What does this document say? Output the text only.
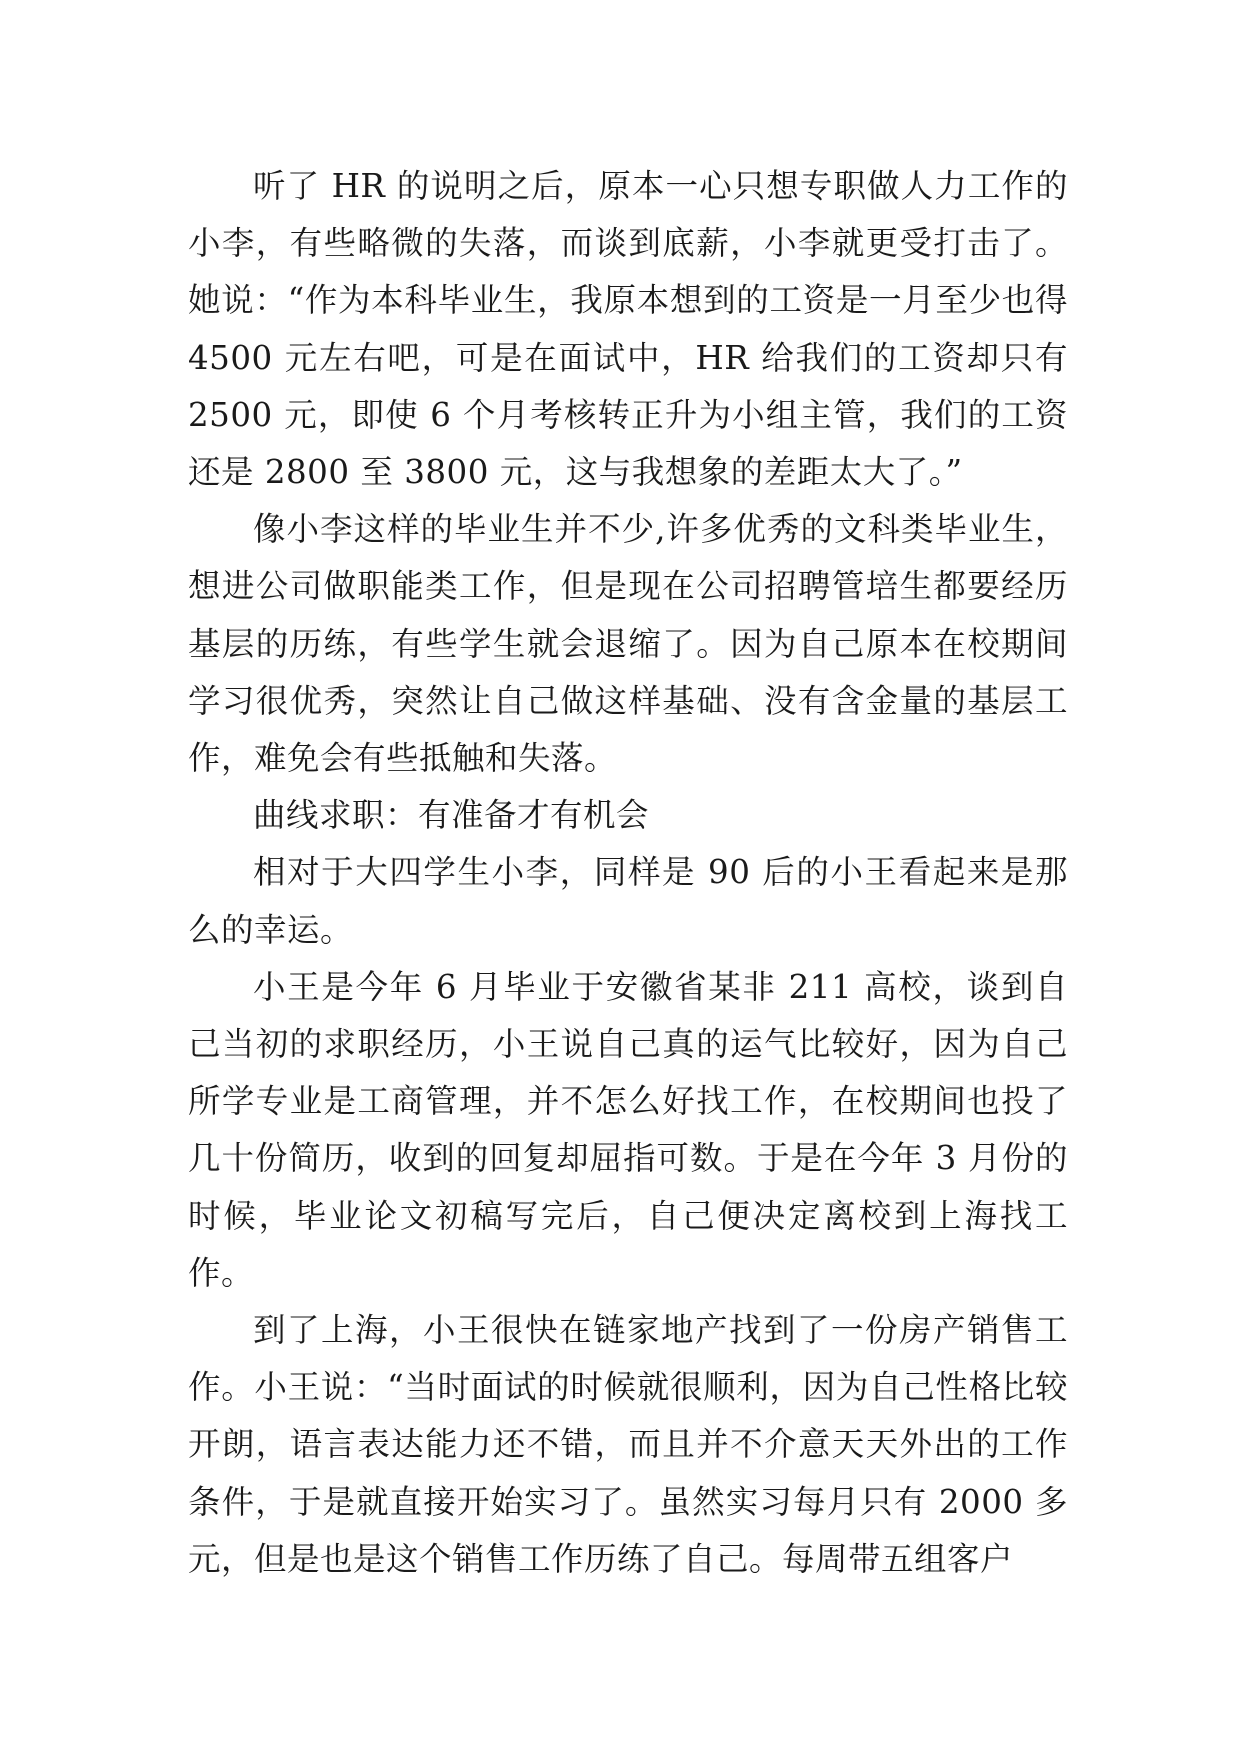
听了 HR 的说明之后，原本一心只想专职做人力工作的小李，有些略微的失落，而谈到底薪，小李就更受打击了。她说：“作为本科毕业生，我原本想到的工资是一月至少也得 4500 元左右吧，可是在面试中，HR 给我们的工资却只有 2500 元，即使 6 个月考核转正升为小组主管，我们的工资还是 2800 至 3800 元，这与我想象的差距太大了。”

像小李这样的毕业生并不少,许多优秀的文科类毕业生，想进公司做职能类工作，但是现在公司招聘管培生都要经历基层的历练，有些学生就会退缩了。因为自己原本在校期间学习很优秀，突然让自己做这样基础、没有含金量的基层工作，难免会有些抵触和失落。

曲线求职：有准备才有机会

相对于大四学生小李，同样是 90 后的小王看起来是那么的幸运。

小王是今年 6 月毕业于安徽省某非 211 高校，谈到自己当初的求职经历，小王说自己真的运气比较好，因为自己所学专业是工商管理，并不怎么好找工作，在校期间也投了几十份简历，收到的回复却屈指可数。于是在今年 3 月份的时候，毕业论文初稿写完后，自己便决定离校到上海找工作。

到了上海，小王很快在链家地产找到了一份房产销售工作。小王说：“当时面试的时候就很顺利，因为自己性格比较开朗，语言表达能力还不错，而且并不介意天天外出的工作条件，于是就直接开始实习了。虽然实习每月只有 2000 多元，但是也是这个销售工作历练了自己。每周带五组客户
